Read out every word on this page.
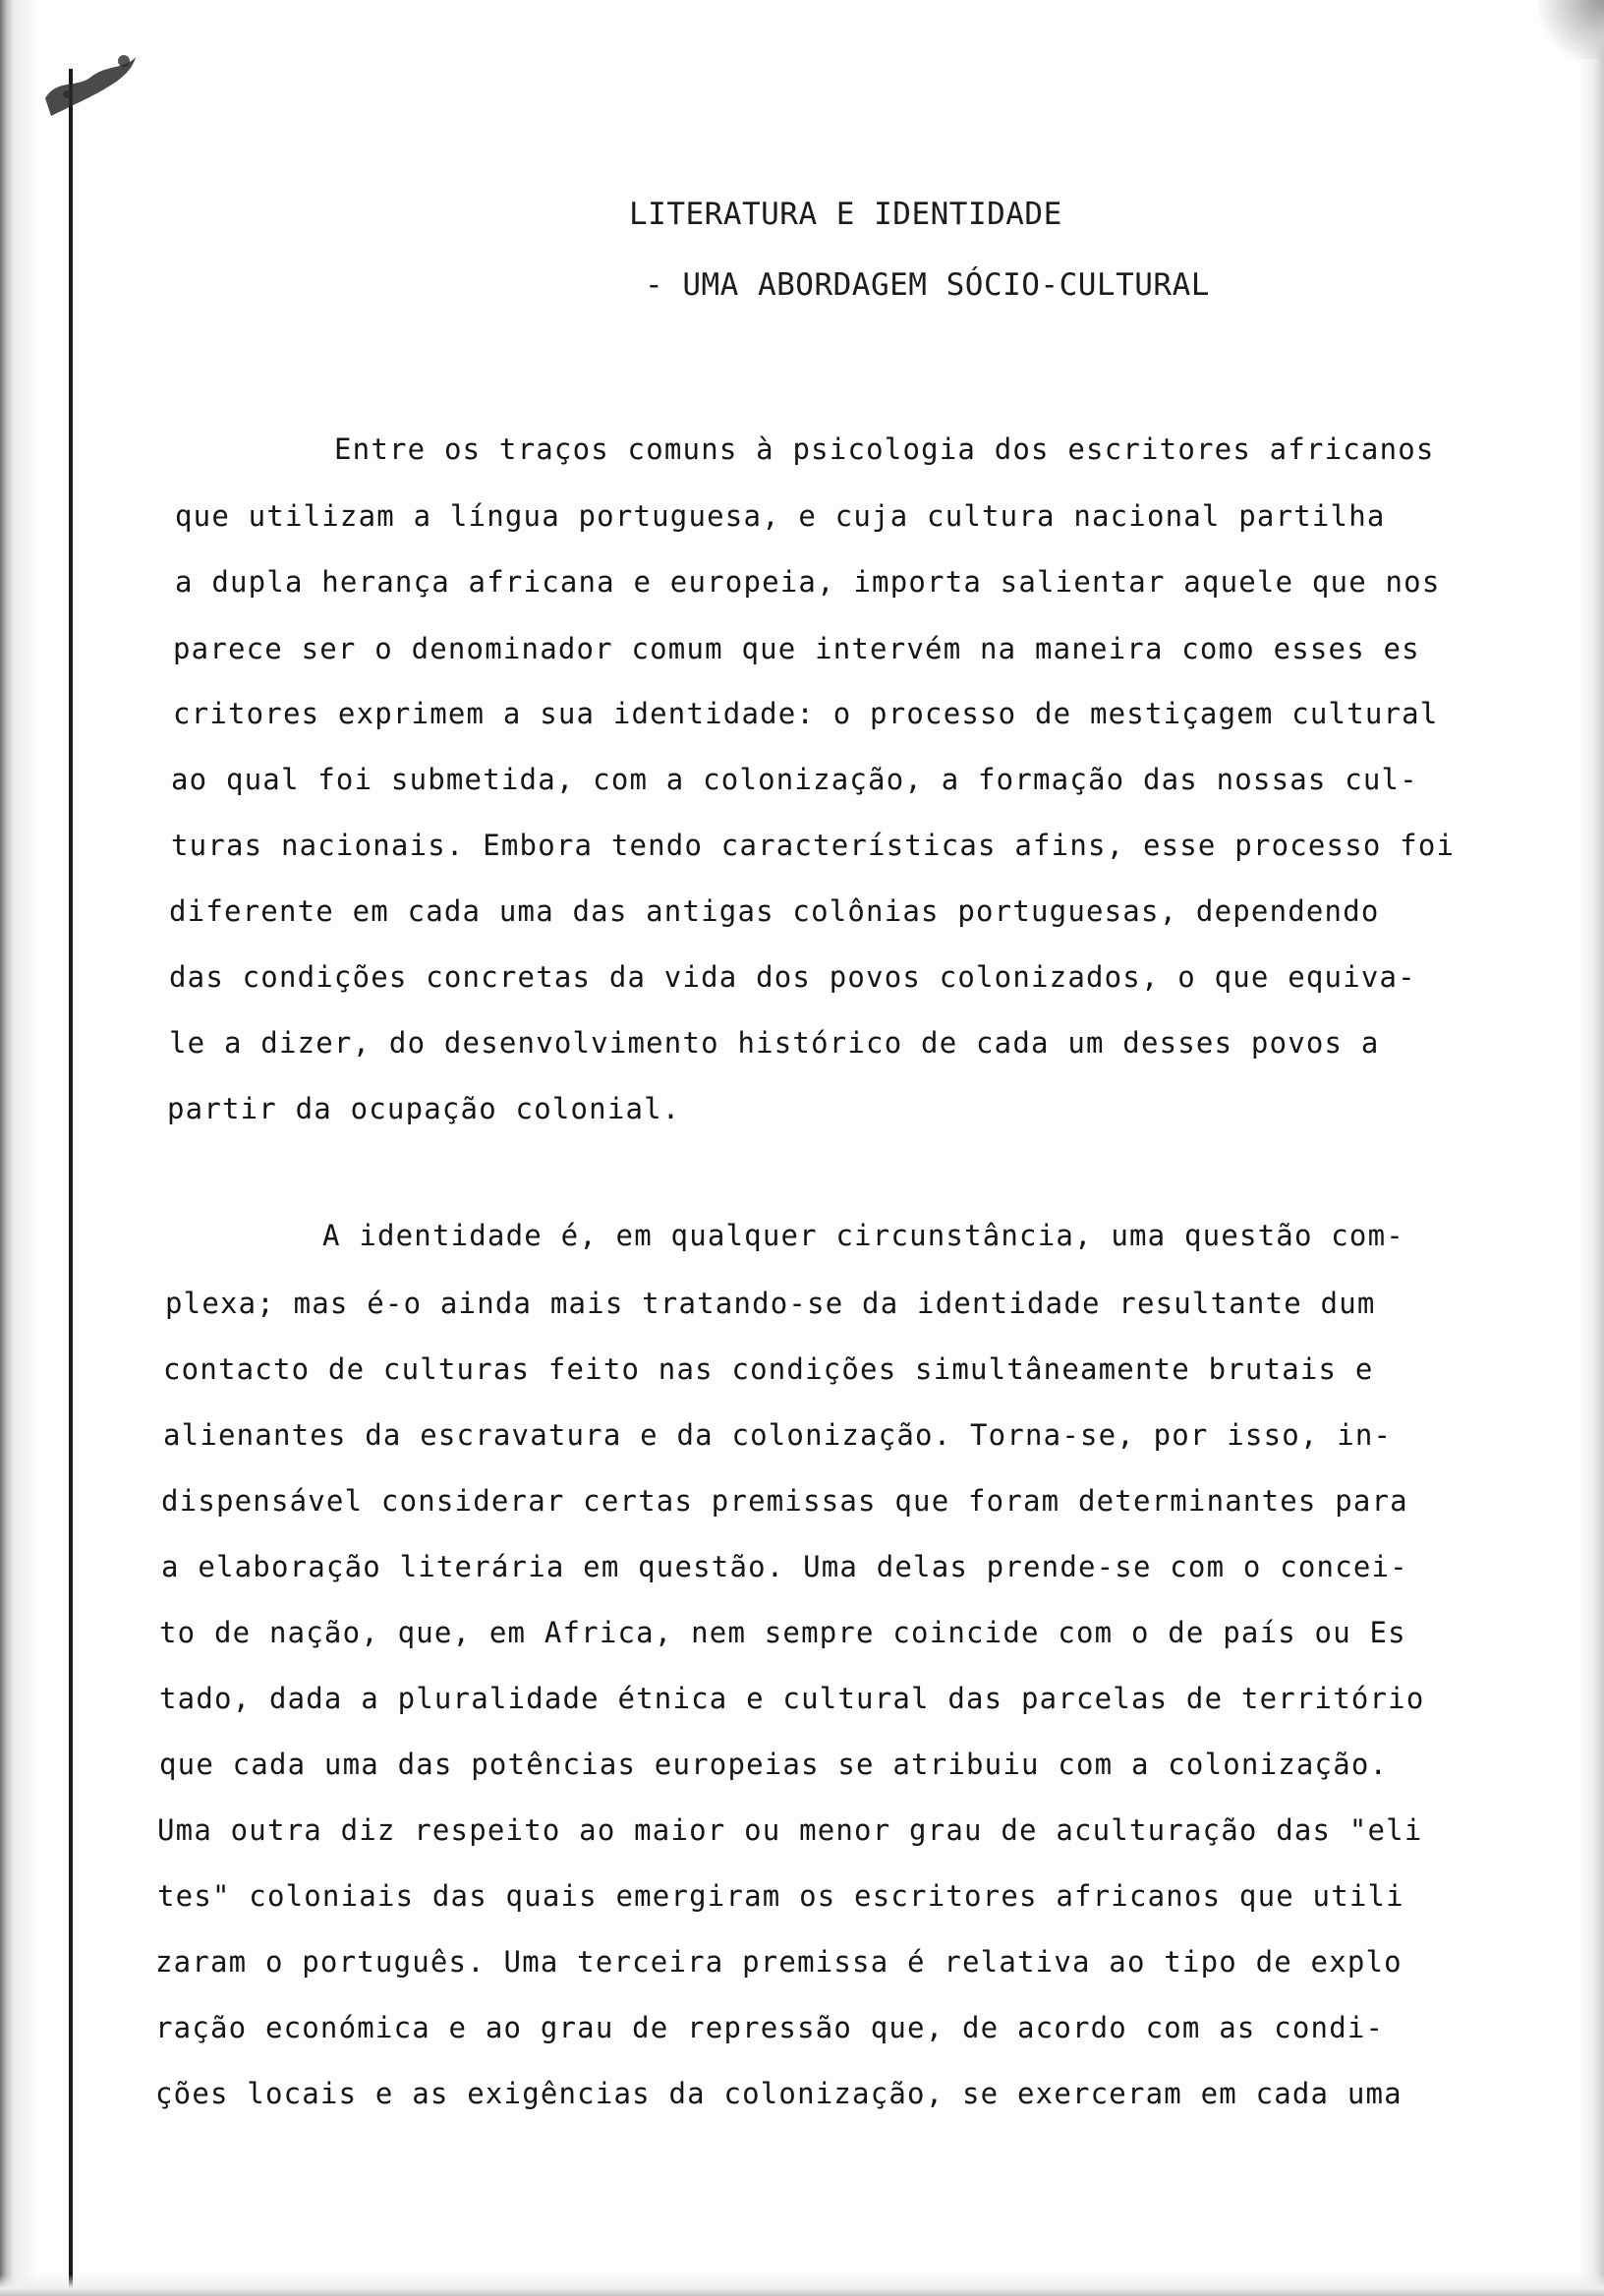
LITERATURA E IDENTIDADE
- UMA ABORDAGEM SÓCIO-CULTURAL
Entre os traços comuns à psicologia dos escritores africanos
que utilizam a língua portuguesa, e cuja cultura nacional partilha
a dupla herança africana e europeia, importa salientar aquele que nos
parece ser o denominador comum que intervém na maneira como esses es
critores exprimem a sua identidade: o processo de mestiçagem cultural
ao qual foi submetida, com a colonização, a formação das nossas cul-
turas nacionais. Embora tendo características afins, esse processo foi
diferente em cada uma das antigas colônias portuguesas, dependendo
das condições concretas da vida dos povos colonizados, o que equiva-
le a dizer, do desenvolvimento histórico de cada um desses povos a
partir da ocupação colonial.
A identidade é, em qualquer circunstância, uma questão com-
plexa; mas é-o ainda mais tratando-se da identidade resultante dum
contacto de culturas feito nas condições simultâneamente brutais e
alienantes da escravatura e da colonização. Torna-se, por isso, in-
dispensável considerar certas premissas que foram determinantes para
a elaboração literária em questão. Uma delas prende-se com o concei-
to de nação, que, em Africa, nem sempre coincide com o de país ou Es
tado, dada a pluralidade étnica e cultural das parcelas de território
que cada uma das potências europeias se atribuiu com a colonização.
Uma outra diz respeito ao maior ou menor grau de aculturação das "eli
tes" coloniais das quais emergiram os escritores africanos que utili
zaram o português. Uma terceira premissa é relativa ao tipo de explo
ração económica e ao grau de repressão que, de acordo com as condi-
ções locais e as exigências da colonização, se exerceram em cada uma
